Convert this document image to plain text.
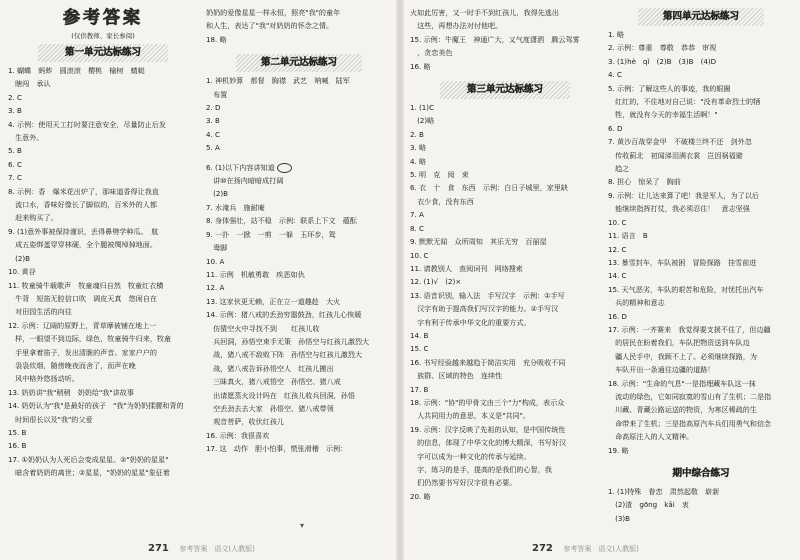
参考答案
(仅供教师、家长参阅)
第一单元达标练习
1. 蝴蝶　蚂蚱　圆滚滚　樱桃　榆树　蜻蜓
　瞎闯　承认
2. C
3. B
4. 示例：使用天工打时要注意安全，尽量防止后发
　生意外。
5. B
6. C
7. C
8. 示例：香　爆米花出炉了，那味道香得让我直
　流口水，香味好像长了脚似的，百米外的人都
　赶来购买了。
9. (1)意外事被保持谨识，丢得鼻劈学种瓜。　航
　成五姿绑蛋穿穿林硬，全个腿被绸绰掉地面。
　(2)B
10. 黄谷
11. 牧童骑牛载歌声　牧童魂归自然　牧童红衣横
　牛背　短笛无腔信口吹　调皮天真　悠闲自在
　对田园生活的向往
12. 示例：辽阔的原野上，青草摩被铺在地上一
　样，一眼望不到边际，绿色，牧童骑牛归来，牧童
　手里拿着笛子，发出清脆的声音。家家户户的
　袅袅炊烟，随傍晚夜而舍了，而声在晚
　风中格外悠扬动听。
13. 奶奶讲"我"稍稍　奶奶给"我"讲故事
14. 奶奶认为"我"是最好的孩子　"我"为奶奶揉腰和背的
　时间很长以及"我"的父爱
15. B
16. B
17. ①奶奶认为人死后会变成星星。②"奶奶的星星"
　暗含着奶奶的离世；②星星，"奶奶的星星"象征着
奶奶的爱像星星一样永恒，照亮"我"的童年
和人生，表达了"我"对奶奶的怀念之情。
18. 略
第二单元达标练习
1. 神机妙算　都督　胸襟　武艺　呐喊　陆军
　布置
2. D
3. B
4. C
5. A
6. (1)以下内容讲知道
　讲⑩在扬内暗暗成打阔
　(2)B
7. 水淹兵　施耐庵
8. 身体强壮，站不稳　示例：联系上下文　蕴酝
9. 一扑　一掀　一剪　一躲　玉环步，鸳
　鸯脚
10. A
11. 示例　机敏勇敢　疾恶如仇
12. A
13. 这家伙更无赖，正在立一道趣趁　大火
14. 示例：猪八戒的丢劲穷嚣鼓劲，红孩儿心恢暖
　仿猜空火中寻找不到　　红孩儿收
　兵回洞，孙悟空束手无策　孙悟空与红孩儿激烈大
　战，猪八戒不敌败下阵　孙悟空与红孩儿激烈大
　战，猪八戒告诉孙悟空人　红孩儿搬出
　三昧真火，猪八戒悟空　孙悟空、猪八戒
　出请愿蒸火设计吗在　红孩儿收兵回洞，孙悟
　空丢劲去去大家　孙悟空、猪八戒带领
　观音菩萨，收伏红孩儿
16. 示例：我很喜欢
17. 这　动作　胆小怕事，慌张滑稽　示例：
271 参考答案　语文(人教版)
▾
火如此厉害，又一时手不到红孩儿，我得先逃出
　这些，再想办法对付他吧。
15. 示例：牛魔王　神通广大，又气度潇洒　腾云驾雾
　，贪恋美色
16. 略
第三单元达标练习
1. (1)C
　(2)略
2. B
3. 略
4. 略
5. 明　克　阅　束
6. 衣　十　食　东西　示例：白日子城里，家里缺
　衣少食，没有东西
7. A
8. C
9. 默默无闻　众所周知　其乐无穷　百丽屋
10. C
11. 请教别人　查阅词刊　网络搜索
12. (1)√　(2)×
13. 语音识别，输入法　手写汉字　示例：①手写
　汉字有助于提高我们写汉字的能力。②手写汉
　字有利于传承中华文化的重要方式。
14. B
15. C
16. 书写经验越来越趋于简洁实用　充分吸收不同
　族群、区域的特色　连续性
17. B
18. 示例："协"的甲骨文由三个"力"构成，表示众
　人共同用力的意思，本义是"共同"。
19. 示例：汉字反映了先祖的认知，是中国传统性
　的信息，体现了中华文化的博大精深，书写好汉
　字可以成为一种文化的传承与延续。
　字，练习的是手，提高的是我们的心智，我
　们仍然要书写好汉字很有必要。
20. 略
第四单元达标练习
1. 略
2. 示例：尊重　尊敬　恭恭　审视
3. (1)hè　qǐ　(2)B　(3)B　(4)D
4. C
5. 示例：了解这些人的事迹，我的眼圈
　红红的，不住地对自己说："没有革命烈士的牺
　牲，就没有今天的幸福生活啊！"
6. D
7. 黄沙百战穿金甲　不破楼兰终不还　剑外忽
　传收蓟北　初闻涕泪满衣裳　岂因祸福避
　趋之
8. 担心　惊呆了　胸前
9. 示例：让儿达来算了吧！我是军人，为了以后
　能继续指挥打仗，我必须忍住！　意志坚强
10. C
11. 语言　B
12. C
13. 暴雪封车，车队被困　冒险探路　挂雪前进
14. C
15. 天气恶劣，车队的艰苦和危险，对忧托出汽车
　兵的精神和意志
16. D
17. 示例：一齐赛来　我觉得要支援不住了，但边疆
　的居民在盼着我们，车队把物资送到车队边
　疆人民手中，我顾不上了。必须继续探路，为
　车队开出一条通往边疆的道路！
18. 示例："生命的气息"一是指埋藏车队这一抹
　流动的绿色，它如同寂寞的雪山有了生机；二是指
　川藏、青藏公路运送的物资，为寒区稀疏的生
　命带来了生机；三是指高原汽车兵们用勇气和信念
　命高原注入的人文精神。
19. 略
期中综合练习
1. (1)特殊　眷恋　肃然起敬　崭新
　(2)渣　gōng　kǎi　衷
　(3)B
272 参考答案　语文(人教版)
